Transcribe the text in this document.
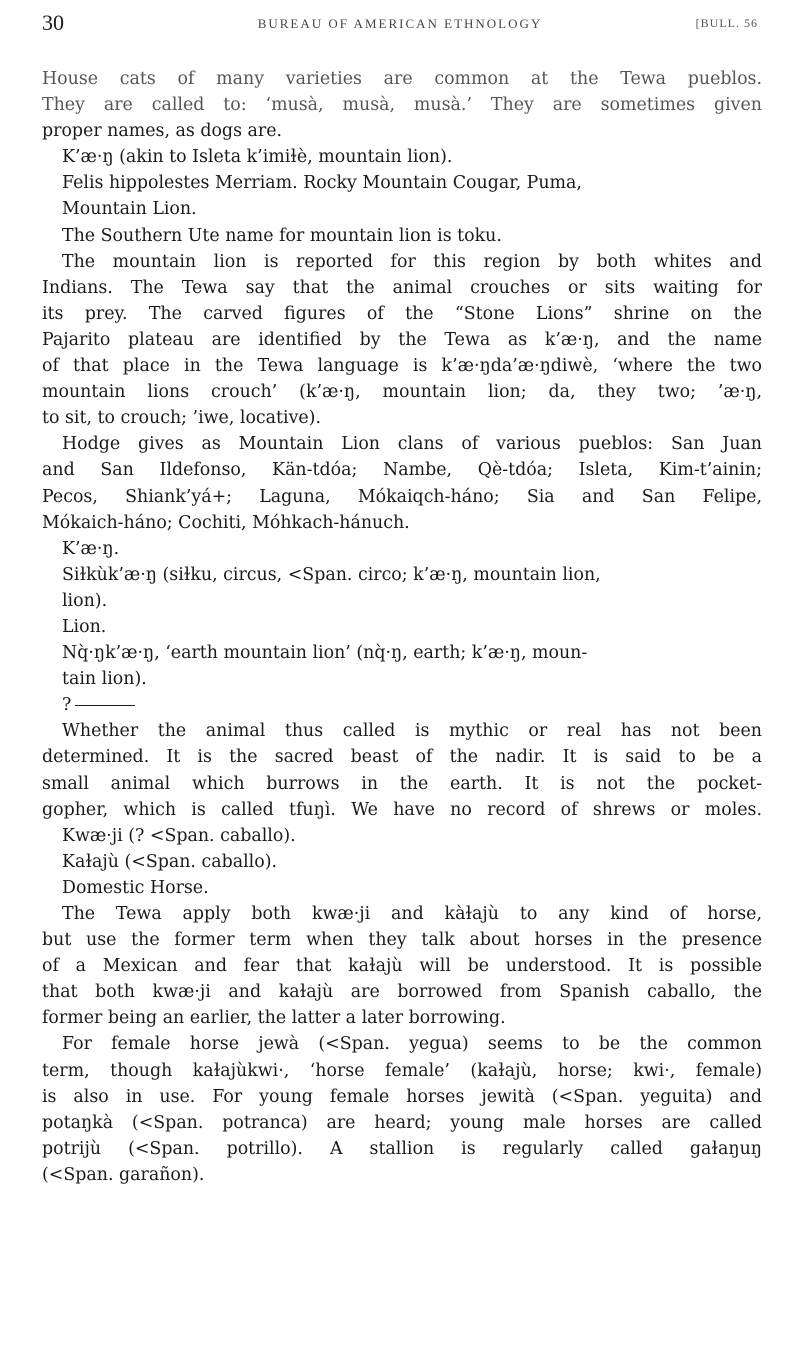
30	BUREAU OF AMERICAN ETHNOLOGY	[BULL. 56
House cats of many varieties are common at the Tewa pueblos.
They are called to: ‘musà, musà, musà.’ They are sometimes given
proper names, as dogs are.
K’æ·ŋ (akin to Isleta k’imiɫè, mountain lion).
Felis hippolestes Merriam. Rocky Mountain Cougar, Puma,
Mountain Lion.
The Southern Ute name for mountain lion is toku.
The mountain lion is reported for this region by both whites and
Indians. The Tewa say that the animal crouches or sits waiting for
its prey. The carved figures of the “Stone Lions” shrine on the
Pajarito plateau are identified by the Tewa as k’æ·ŋ, and the name
of that place in the Tewa language is k’æ·ŋda’æ·ŋdiwè, ‘where the two
mountain lions crouch’ (k’æ·ŋ, mountain lion; da, they two; ’æ·ŋ,
to sit, to crouch; ’iwe, locative).
Hodge gives as Mountain Lion clans of various pueblos: San Juan
and San Ildefonso, Kän-tdóa; Nambe, Qè-tdóa; Isleta, Kim-t’ainin;
Pecos, Shiank’yá+; Laguna, Mókaiqch-háno; Sia and San Felipe,
Mókaich-háno; Cochiti, Móhkach-hánuch.
K’æ·ŋ.
Siɫkùk’æ·ŋ (siɫku, circus, <Span. circo; k’æ·ŋ, mountain lion,
lion).
Lion.
Nq̀·ŋk’æ·ŋ, ‘earth mountain lion’ (nq̀·ŋ, earth; k’æ·ŋ, moun-
tain lion).
?
Whether the animal thus called is mythic or real has not been
determined. It is the sacred beast of the nadir. It is said to be a
small animal which burrows in the earth. It is not the pocket-
gopher, which is called tfuŋì. We have no record of shrews or moles.
Kwæ·ji (? <Span. caballo).
Kaɫajù (<Span. caballo).
Domestic Horse.
The Tewa apply both kwæ·ji and kàɫajù to any kind of horse,
but use the former term when they talk about horses in the presence
of a Mexican and fear that kaɫajù will be understood. It is possible
that both kwæ·ji and kaɫajù are borrowed from Spanish caballo, the
former being an earlier, the latter a later borrowing.
For female horse jewà (<Span. yegua) seems to be the common
term, though kaɫajùkwi·, ‘horse female’ (kaɫajù, horse; kwi·, female)
is also in use. For young female horses jewità (<Span. yeguita) and
potaŋkà (<Span. potranca) are heard; young male horses are called
potrijù (<Span. potrillo). A stallion is regularly called gaɫaŋuŋ
(<Span. garañon).
